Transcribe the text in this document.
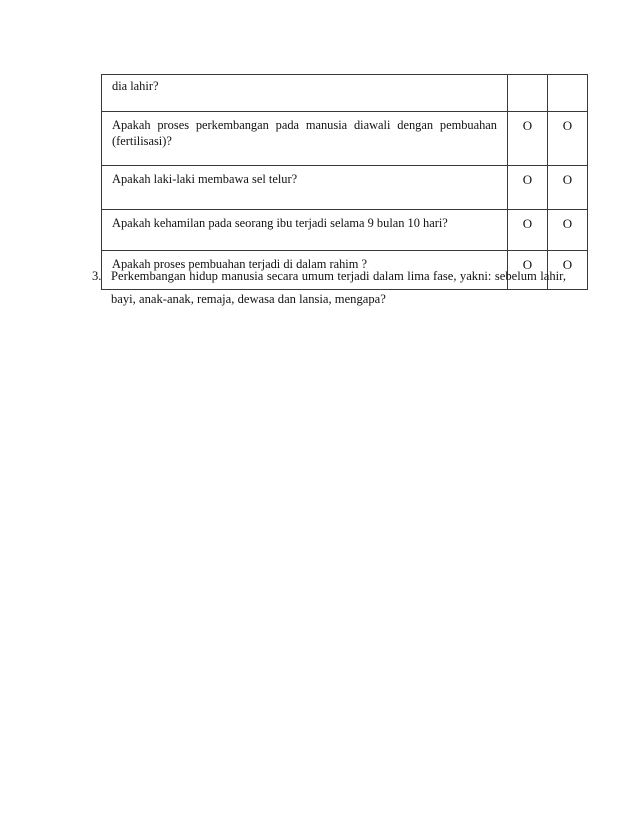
dia lahir?		
Apakah proses perkembangan pada manusia diawali dengan pembuahan (fertilisasi)?	O	O
Apakah laki-laki membawa sel telur?	O	O
Apakah kehamilan pada seorang ibu terjadi selama 9 bulan 10 hari?	O	O
Apakah proses pembuahan terjadi di dalam rahim ?	O	O
3. Perkembangan hidup manusia secara umum terjadi dalam lima fase, yakni: sebelum lahir, bayi, anak-anak, remaja, dewasa dan lansia, mengapa?
